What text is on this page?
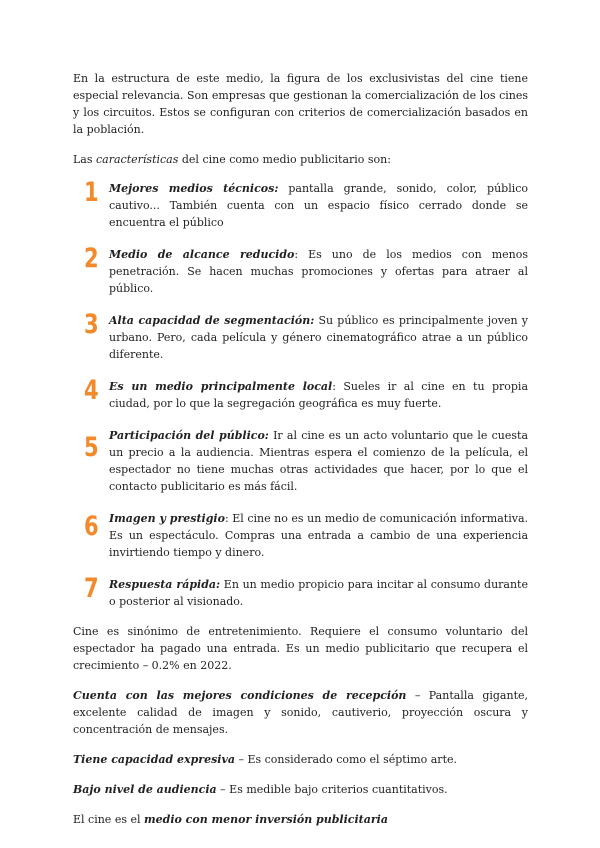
En la estructura de este medio, la figura de los exclusivistas del cine tiene especial relevancia. Son empresas que gestionan la comercialización de los cines y los circuitos. Estos se configuran con criterios de comercialización basados en la población.

Las características del cine como medio publicitario son:

1 Mejores medios técnicos: pantalla grande, sonido, color, público cautivo... También cuenta con un espacio físico cerrado donde se encuentra el público

2 Medio de alcance reducido: Es uno de los medios con menos penetración. Se hacen muchas promociones y ofertas para atraer al público.

3 Alta capacidad de segmentación: Su público es principalmente joven y urbano. Pero, cada película y género cinematográfico atrae a un público diferente.

4 Es un medio principalmente local: Sueles ir al cine en tu propia ciudad, por lo que la segregación geográfica es muy fuerte.

5 Participación del público: Ir al cine es un acto voluntario que le cuesta un precio a la audiencia. Mientras espera el comienzo de la película, el espectador no tiene muchas otras actividades que hacer, por lo que el contacto publicitario es más fácil.

6 Imagen y prestigio: El cine no es un medio de comunicación informativa. Es un espectáculo. Compras una entrada a cambio de una experiencia invirtiendo tiempo y dinero.

7 Respuesta rápida: En un medio propicio para incitar al consumo durante o posterior al visionado.

Cine es sinónimo de entretenimiento. Requiere el consumo voluntario del espectador ha pagado una entrada. Es un medio publicitario que recupera el crecimiento – 0.2% en 2022.

Cuenta con las mejores condiciones de recepción – Pantalla gigante, excelente calidad de imagen y sonido, cautiverio, proyección oscura y concentración de mensajes.

Tiene capacidad expresiva – Es considerado como el séptimo arte.

Bajo nivel de audiencia – Es medible bajo criterios cuantitativos.

El cine es el medio con menor inversión publicitaria
